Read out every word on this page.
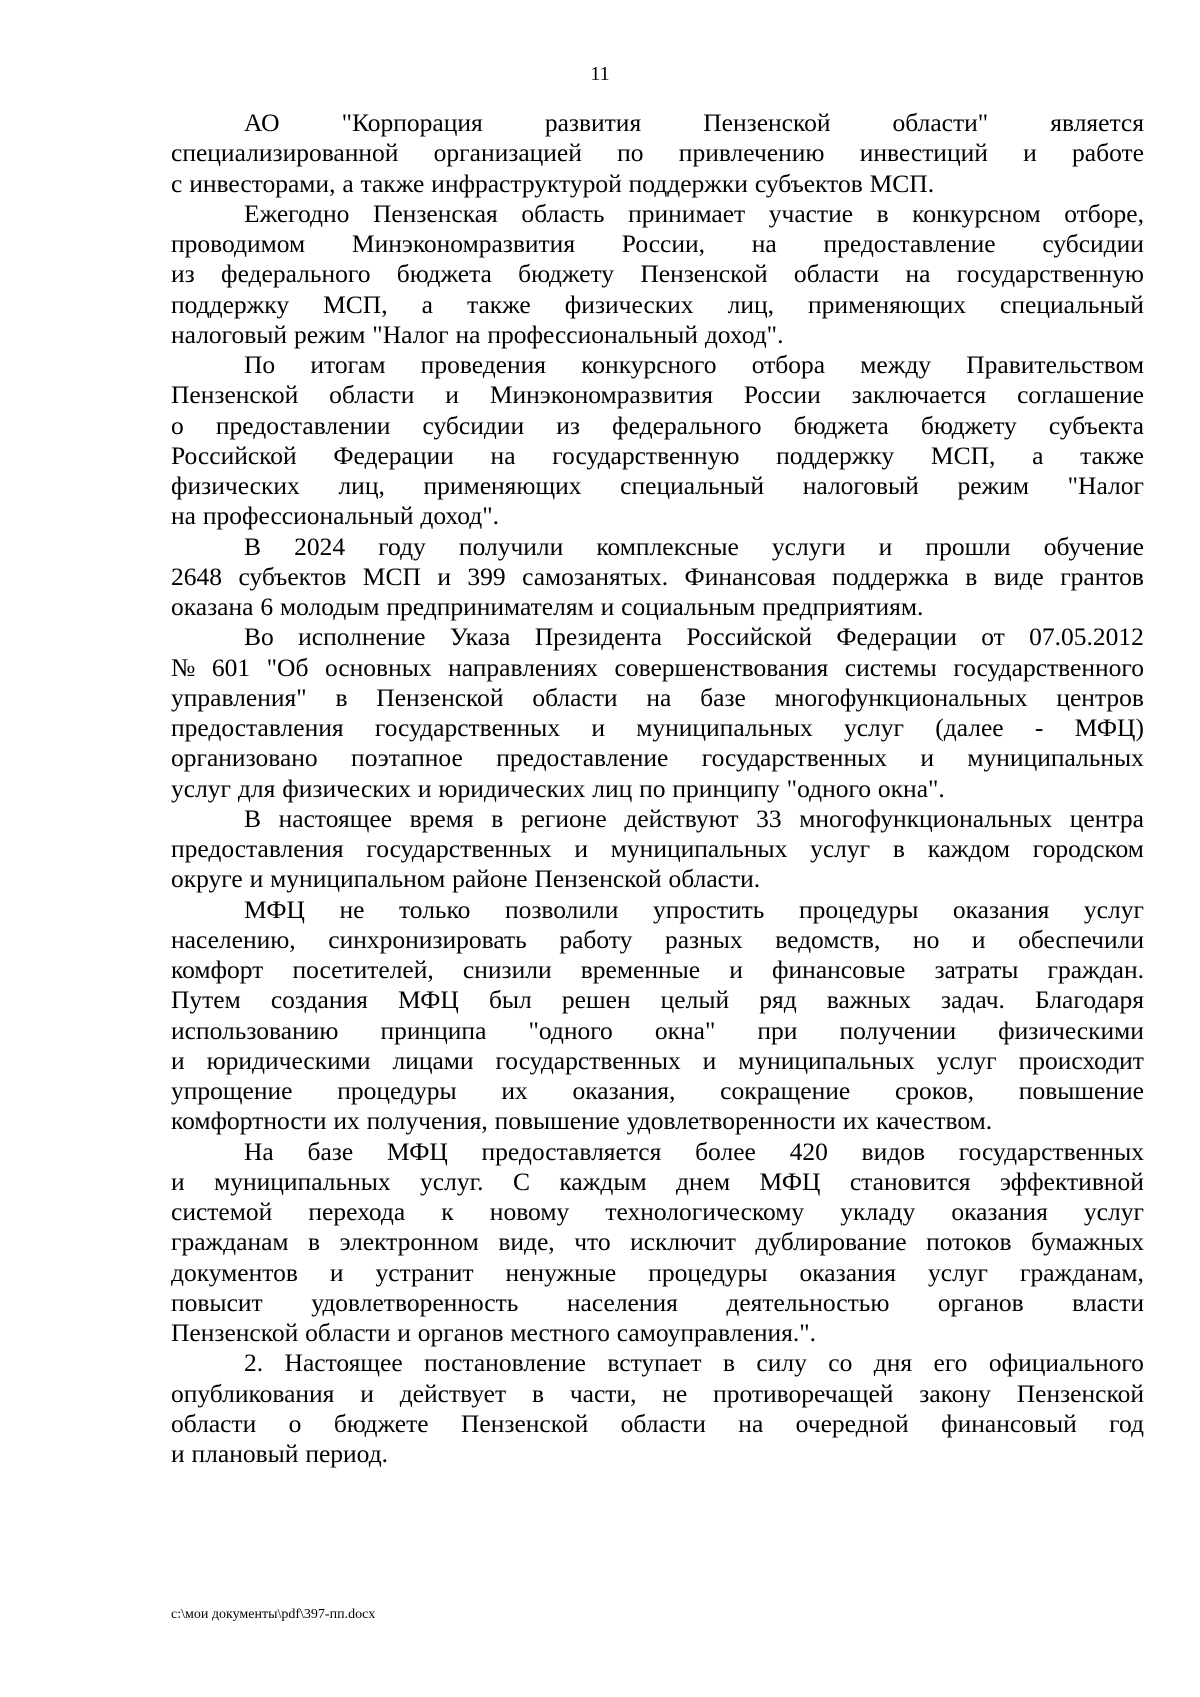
11
АО "Корпорация развития Пензенской области" является
специализированной организацией по привлечению инвестиций и работе
с инвесторами, а также инфраструктурой поддержки субъектов МСП.
Ежегодно Пензенская область принимает участие в конкурсном отборе,
проводимом Минэкономразвития России, на предоставление субсидии
из федерального бюджета бюджету Пензенской области на государственную
поддержку МСП, а также физических лиц, применяющих специальный
налоговый режим "Налог на профессиональный доход".
По итогам проведения конкурсного отбора между Правительством
Пензенской области и Минэкономразвития России заключается соглашение
о предоставлении субсидии из федерального бюджета бюджету субъекта
Российской Федерации на государственную поддержку МСП, а также
физических лиц, применяющих специальный налоговый режим "Налог
на профессиональный доход".
В 2024 году получили комплексные услуги и прошли обучение
2648 субъектов МСП и 399 самозанятых. Финансовая поддержка в виде грантов
оказана 6 молодым предпринимателям и социальным предприятиям.
Во исполнение Указа Президента Российской Федерации от 07.05.2012
№ 601 "Об основных направлениях совершенствования системы государственного
управления" в Пензенской области на базе многофункциональных центров
предоставления государственных и муниципальных услуг (далее - МФЦ)
организовано поэтапное предоставление государственных и муниципальных
услуг для физических и юридических лиц по принципу "одного окна".
В настоящее время в регионе действуют 33 многофункциональных центра
предоставления государственных и муниципальных услуг в каждом городском
округе и муниципальном районе Пензенской области.
МФЦ не только позволили упростить процедуры оказания услуг
населению, синхронизировать работу разных ведомств, но и обеспечили
комфорт посетителей, снизили временные и финансовые затраты граждан.
Путем создания МФЦ был решен целый ряд важных задач. Благодаря
использованию принципа "одного окна" при получении физическими
и юридическими лицами государственных и муниципальных услуг происходит
упрощение процедуры их оказания, сокращение сроков, повышение
комфортности их получения, повышение удовлетворенности их качеством.
На базе МФЦ предоставляется более 420 видов государственных
и муниципальных услуг. С каждым днем МФЦ становится эффективной
системой перехода к новому технологическому укладу оказания услуг
гражданам в электронном виде, что исключит дублирование потоков бумажных
документов и устранит ненужные процедуры оказания услуг гражданам,
повысит удовлетворенность населения деятельностью органов власти
Пензенской области и органов местного самоуправления.".
2. Настоящее постановление вступает в силу со дня его официального
опубликования и действует в части, не противоречащей закону Пензенской
области о бюджете Пензенской области на очередной финансовый год
и плановый период.
c:\мои документы\pdf\397-пп.docx
